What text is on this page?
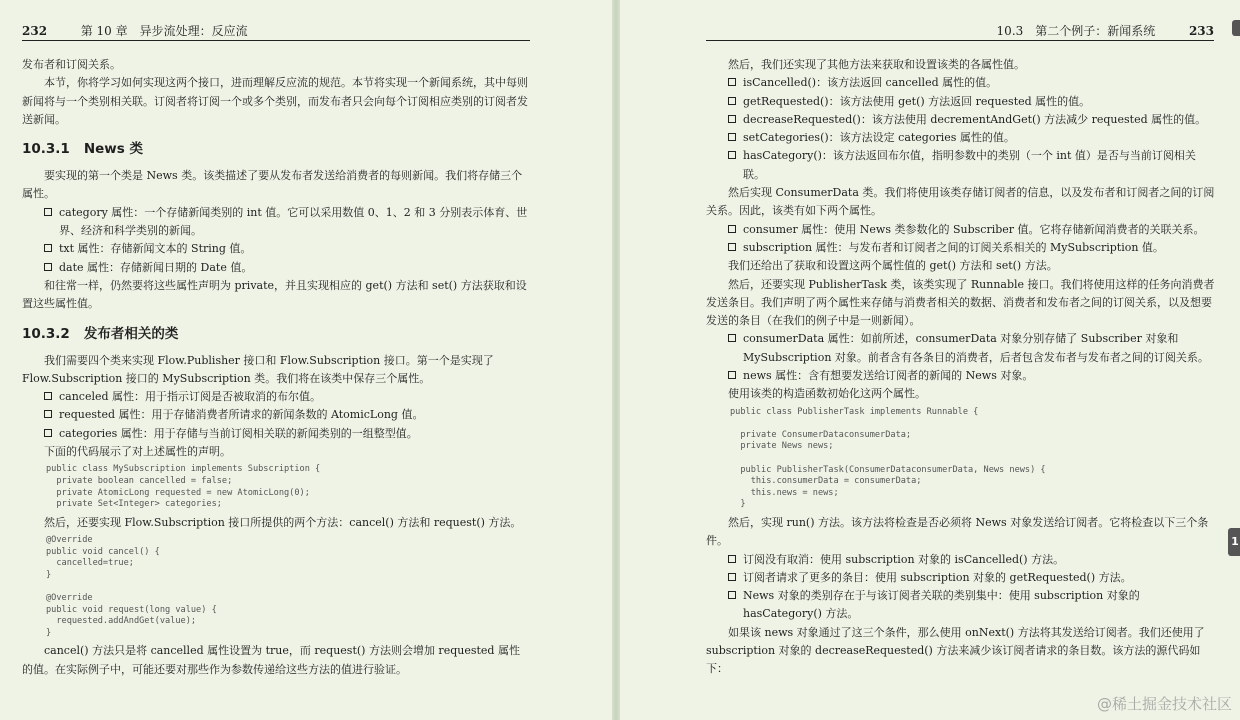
232	第 10 章　异步流处理：反应流

发布者和订阅关系。

本节，你将学习如何实现这两个接口，进而理解反应流的规范。本节将实现一个新闻系统，其中每则新闻将与一个类别相关联。订阅者将订阅一个或多个类别，而发布者只会向每个订阅相应类别的订阅者发送新闻。

10.3.1 News 类

要实现的第一个类是 News 类。该类描述了要从发布者发送给消费者的每则新闻。我们将存储三个属性。

category 属性：一个存储新闻类别的 int 值。它可以采用数值 0、1、2 和 3 分别表示体育、世界、经济和科学类别的新闻。
txt 属性：存储新闻文本的 String 值。
date 属性：存储新闻日期的 Date 值。

和往常一样，仍然要将这些属性声明为 private，并且实现相应的 get() 方法和 set() 方法获取和设置这些属性值。

10.3.2 发布者相关的类

我们需要四个类来实现 Flow.Publisher 接口和 Flow.Subscription 接口。第一个是实现了 Flow.Subscription 接口的 MySubscription 类。我们将在该类中保存三个属性。

canceled 属性：用于指示订阅是否被取消的布尔值。
requested 属性：用于存储消费者所请求的新闻条数的 AtomicLong 值。
categories 属性：用于存储与当前订阅相关联的新闻类别的一组整型值。

下面的代码展示了对上述属性的声明。

public class MySubscription implements Subscription {
private boolean cancelled = false;
private AtomicLong requested = new AtomicLong(0);
private Set<Integer> categories;

然后，还要实现 Flow.Subscription 接口所提供的两个方法：cancel() 方法和 request() 方法。

@Override
public void cancel() {
cancelled=true;
}

@Override
public void request(long value) {
requested.addAndGet(value);
}

cancel() 方法只是将 cancelled 属性设置为 true，而 request() 方法则会增加 requested 属性的值。在实际例子中，可能还要对那些作为参数传递给这些方法的值进行验证。

10.3　第二个例子：新闻系统	233

然后，我们还实现了其他方法来获取和设置该类的各属性值。

isCancelled()：该方法返回 cancelled 属性的值。
getRequested()：该方法使用 get() 方法返回 requested 属性的值。
decreaseRequested()：该方法使用 decrementAndGet() 方法减少 requested 属性的值。
setCategories()：该方法设定 categories 属性的值。
hasCategory()：该方法返回布尔值，指明参数中的类别（一个 int 值）是否与当前订阅相关联。

然后实现 ConsumerData 类。我们将使用该类存储订阅者的信息，以及发布者和订阅者之间的订阅关系。因此，该类有如下两个属性。

consumer 属性：使用 News 类参数化的 Subscriber 值。它将存储新闻消费者的关联关系。
subscription 属性：与发布者和订阅者之间的订阅关系相关的 MySubscription 值。

我们还给出了获取和设置这两个属性值的 get() 方法和 set() 方法。

然后，还要实现 PublisherTask 类，该类实现了 Runnable 接口。我们将使用这样的任务向消费者发送条目。我们声明了两个属性来存储与消费者相关的数据、消费者和发布者之间的订阅关系，以及想要发送的条目（在我们的例子中是一则新闻）。

consumerData 属性：如前所述，consumerData 对象分别存储了 Subscriber 对象和 MySubscription 对象。前者含有各条目的消费者，后者包含发布者与发布者之间的订阅关系。
news 属性：含有想要发送给订阅者的新闻的 News 对象。

使用该类的构造函数初始化这两个属性。

public class PublisherTask implements Runnable {

private ConsumerDataconsumerData;
private News news;

public PublisherTask(ConsumerDataconsumerData, News news) {
this.consumerData = consumerData;
this.news = news;
}

然后，实现 run() 方法。该方法将检查是否必须将 News 对象发送给订阅者。它将检查以下三个条件。

订阅没有取消：使用 subscription 对象的 isCancelled() 方法。
订阅者请求了更多的条目：使用 subscription 对象的 getRequested() 方法。
News 对象的类别存在于与该订阅者关联的类别集中：使用 subscription 对象的 hasCategory() 方法。

如果该 news 对象通过了这三个条件，那么使用 onNext() 方法将其发送给订阅者。我们还使用了 subscription 对象的 decreaseRequested() 方法来减少该订阅者请求的条目数。该方法的源代码如下：

1
@稀土掘金技术社区
